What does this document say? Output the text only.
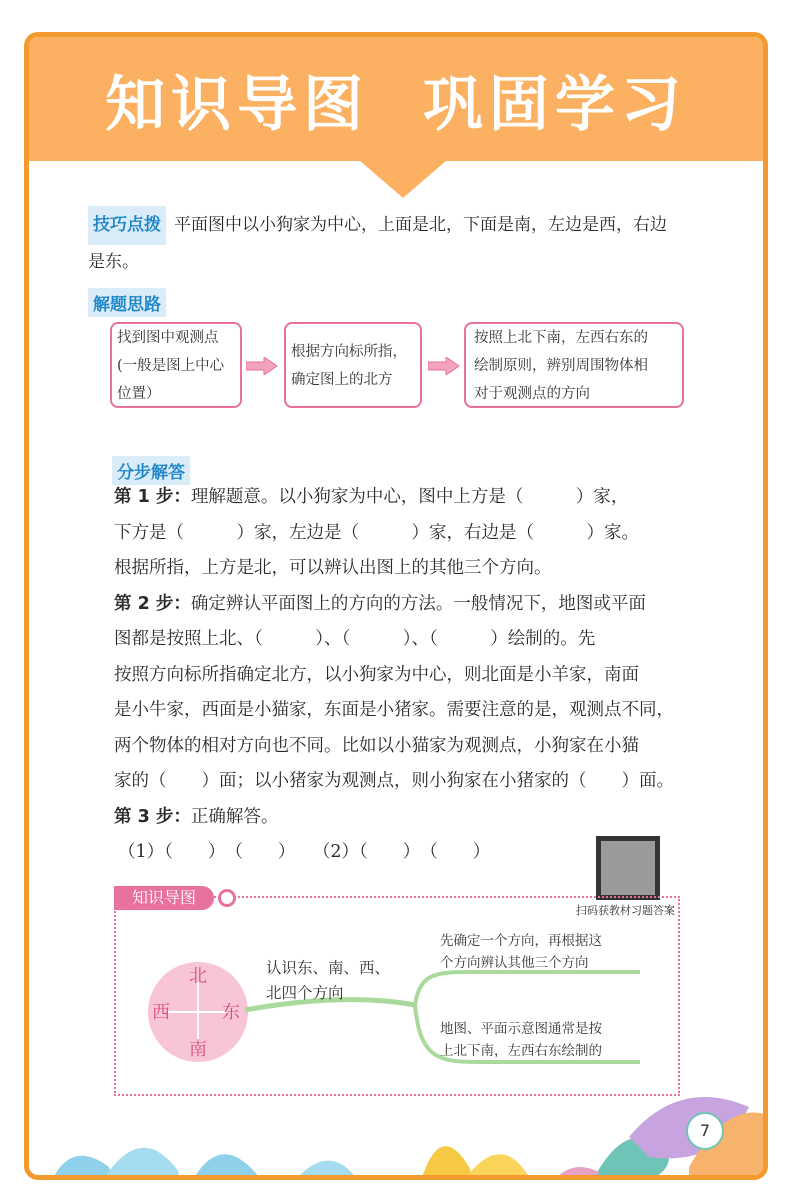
知识导图  巩固学习

技巧点拨 平面图中以小狗家为中心，上面是北，下面是南，左边是西，右边是东。

解题思路

找到图中观测点
(一般是图上中心
位置）
根据方向标所指，
确定图上的北方
按照上北下南，左西右东的
绘制原则，辨别周围物体相
对于观测点的方向
分步解答

第 1 步：理解题意。以小狗家为中心，图中上方是（　　　）家，

下方是（　　　）家，左边是（　　　）家，右边是（　　　）家。

根据所指，上方是北，可以辨认出图上的其他三个方向。

第 2 步：确定辨认平面图上的方向的方法。一般情况下，地图或平面

图都是按照上北、（　　　）、（　　　）、（　　　）绘制的。先

按照方向标所指确定北方，以小狗家为中心，则北面是小羊家，南面

是小牛家，西面是小猫家，东面是小猪家。需要注意的是，观测点不同，

两个物体的相对方向也不同。比如以小猫家为观测点，小狗家在小猫

家的（　　）面；以小猪家为观测点，则小狗家在小猪家的（　　）面。

第 3 步：正确解答。

（1）（　　）　（　　）　　（2）（　　）　（　　）
扫码获教材习题答案
知识导图
北
南
西	东
认识东、南、西、
北四个方向
先确定一个方向，再根据这
个方向辨认其他三个方向
地图、平面示意图通常是按
上北下南，左西右东绘制的
7
